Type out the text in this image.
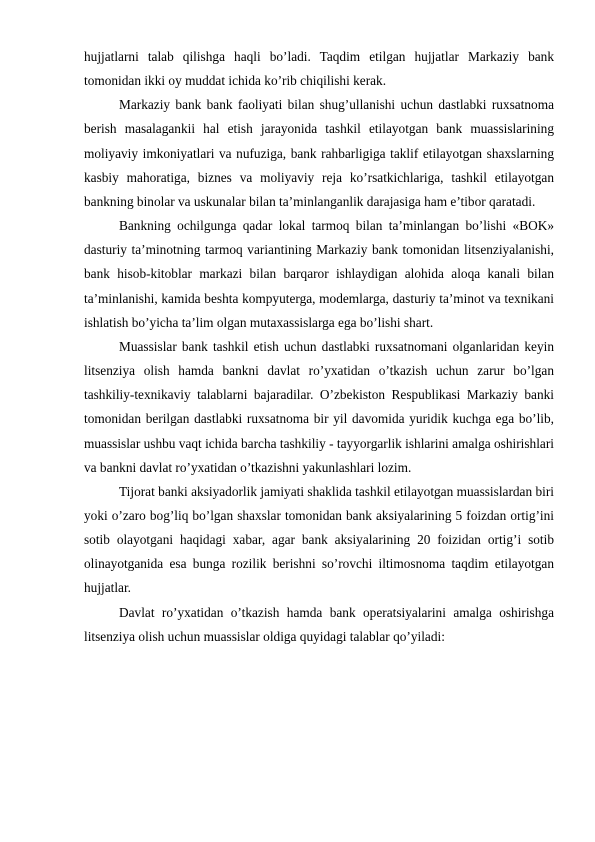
hujjatlarni talab qilishga haqli bo’ladi. Taqdim etilgan hujjatlar Markaziy bank tomonidan ikki oy muddat ichida ko’rib chiqilishi kerak.

Markaziy bank bank faoliyati bilan shug’ullanishi uchun dastlabki ruxsatnoma berish masalagankii hal etish jarayonida tashkil etilayotgan bank muassislarining moliyaviy imkoniyatlari va nufuziga, bank rahbarligiga taklif etilayotgan shaxslarning kasbiy mahoratiga, biznes va moliyaviy reja ko’rsatkichlariga, tashkil etilayotgan bankning binolar va uskunalar bilan ta’minlanganlik darajasiga ham e’tibor qaratadi.

Bankning ochilgunga qadar lokal tarmoq bilan ta’minlangan bo’lishi «BOK» dasturiy ta’minotning tarmoq variantining Markaziy bank tomonidan litsenziyalanishi, bank hisob-kitoblar markazi bilan barqaror ishlaydigan alohida aloqa kanali bilan ta’minlanishi, kamida beshta kompyuterga, modemlarga, dasturiy ta’minot va texnikani ishlatish bo’yicha ta’lim olgan mutaxassislarga ega bo’lishi shart.

Muassislar bank tashkil etish uchun dastlabki ruxsatnomani olganlaridan keyin litsenziya olish hamda bankni davlat ro’yxatidan o’tkazish uchun zarur bo’lgan tashkiliy-texnikaviy talablarni bajaradilar. O’zbekiston Respublikasi Markaziy banki tomonidan berilgan dastlabki ruxsatnoma bir yil davomida yuridik kuchga ega bo’lib, muassislar ushbu vaqt ichida barcha tashkiliy - tayyorgarlik ishlarini amalga oshirishlari va bankni davlat ro’yxatidan o’tkazishni yakunlashlari lozim.

Tijorat banki aksiyadorlik jamiyati shaklida tashkil etilayotgan muassislardan biri yoki o’zaro bog’liq bo’lgan shaxslar tomonidan bank aksiyalarining 5 foizdan ortig’ini sotib olayotgani haqidagi xabar, agar bank aksiyalarining 20 foizidan ortig’i sotib olinayotganida esa bunga rozilik berishni so’rovchi iltimosnoma taqdim etilayotgan hujjatlar.

Davlat ro’yxatidan o’tkazish hamda bank operatsiyalarini amalga oshirishga litsenziya olish uchun muassislar oldiga quyidagi talablar qo’yiladi:
